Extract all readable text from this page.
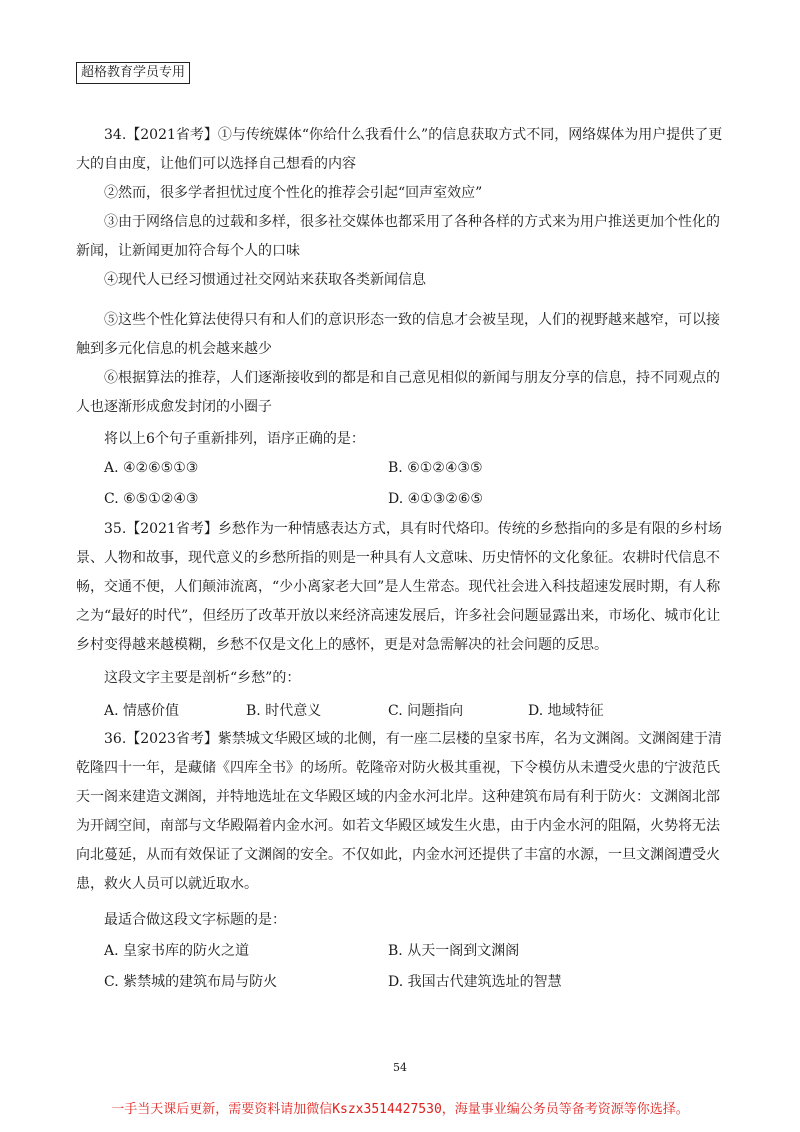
超格教育学员专用

34.【2021省考】①与传统媒体“你给什么我看什么”的信息获取方式不同，网络媒体为用户提供了更大的自由度，让他们可以选择自己想看的内容

②然而，很多学者担忧过度个性化的推荐会引起“回声室效应”

③由于网络信息的过载和多样，很多社交媒体也都采用了各种各样的方式来为用户推送更加个性化的新闻，让新闻更加符合每个人的口味

④现代人已经习惯通过社交网站来获取各类新闻信息

⑤这些个性化算法使得只有和人们的意识形态一致的信息才会被呈现，人们的视野越来越窄，可以接触到多元化信息的机会越来越少

⑥根据算法的推荐，人们逐渐接收到的都是和自己意见相似的新闻与朋友分享的信息，持不同观点的人也逐渐形成愈发封闭的小圈子

将以上6个句子重新排列，语序正确的是：

A. ④②⑥⑤①③	B. ⑥①②④③⑤
C. ⑥⑤①②④③	D. ④①③②⑥⑤

35.【2021省考】乡愁作为一种情感表达方式，具有时代烙印。传统的乡愁指向的多是有限的乡村场景、人物和故事，现代意义的乡愁所指的则是一种具有人文意味、历史情怀的文化象征。农耕时代信息不畅，交通不便，人们颠沛流离，“少小离家老大回”是人生常态。现代社会进入科技超速发展时期，有人称之为“最好的时代”，但经历了改革开放以来经济高速发展后，许多社会问题显露出来，市场化、城市化让乡村变得越来越模糊，乡愁不仅是文化上的感怀，更是对急需解决的社会问题的反思。

这段文字主要是剖析“乡愁”的：

A. 情感价值	B. 时代意义	C. 问题指向	D. 地域特征

36.【2023省考】紫禁城文华殿区域的北侧，有一座二层楼的皇家书库，名为文渊阁。文渊阁建于清乾隆四十一年，是藏储《四库全书》的场所。乾隆帝对防火极其重视，下令模仿从未遭受火患的宁波范氏天一阁来建造文渊阁，并特地选址在文华殿区域的内金水河北岸。这种建筑布局有利于防火：文渊阁北部为开阔空间，南部与文华殿隔着内金水河。如若文华殿区域发生火患，由于内金水河的阻隔，火势将无法向北蔓延，从而有效保证了文渊阁的安全。不仅如此，内金水河还提供了丰富的水源，一旦文渊阁遭受火患，救火人员可以就近取水。

最适合做这段文字标题的是：

A. 皇家书库的防火之道	B. 从天一阁到文渊阁
C. 紫禁城的建筑布局与防火	D. 我国古代建筑选址的智慧
54
一手当天课后更新，需要资料请加微信Kszx3514427530，海量事业编公务员等备考资源等你选择。
